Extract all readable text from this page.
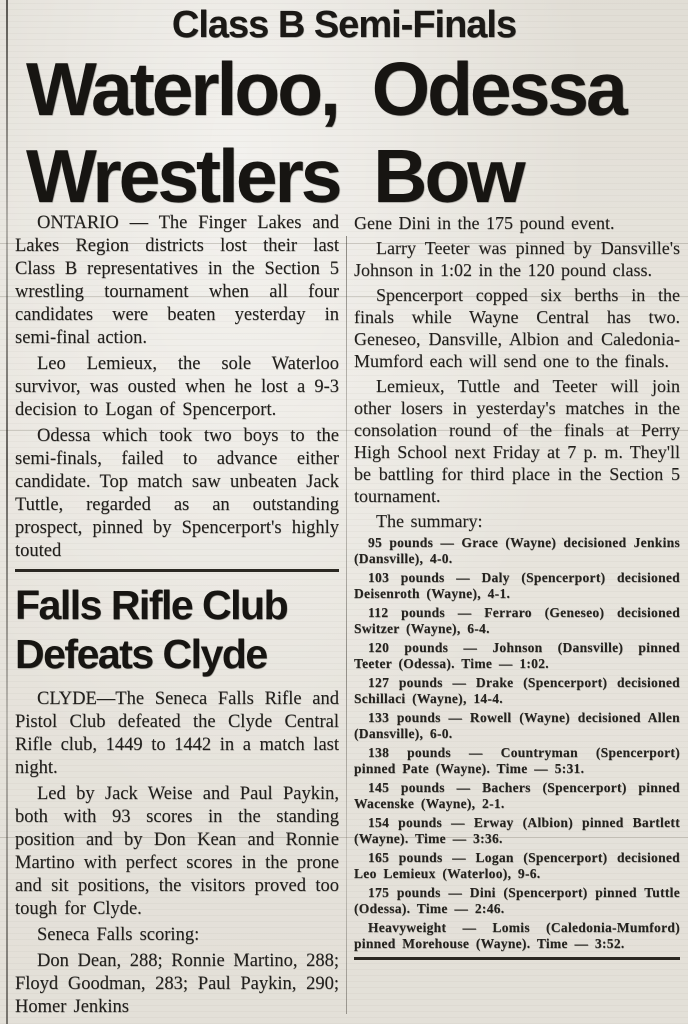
Class B Semi-Finals
Waterloo, Odessa
Wrestlers Bow

ONTARIO — The Finger Lakes and Lakes Region districts lost their last Class B representatives in the Section 5 wrestling tournament when all four candidates were beaten yesterday in semi-final action.

Leo Lemieux, the sole Waterloo survivor, was ousted when he lost a 9-3 decision to Logan of Spencerport.

Odessa which took two boys to the semi-finals, failed to advance either candidate. Top match saw unbeaten Jack Tuttle, regarded as an outstanding prospect, pinned by Spencerport's highly touted

Falls Rifle Club
Defeats Clyde

CLYDE—The Seneca Falls Rifle and Pistol Club defeated the Clyde Central Rifle club, 1449 to 1442 in a match last night.

Led by Jack Weise and Paul Paykin, both with 93 scores in the standing position and by Don Kean and Ronnie Martino with perfect scores in the prone and sit positions, the visitors proved too tough for Clyde.

Seneca Falls scoring:

Don Dean, 288; Ronnie Martino, 288; Floyd Goodman, 283; Paul Paykin, 290; Homer Jenkins

Gene Dini in the 175 pound event.

Larry Teeter was pinned by Dansville's Johnson in 1:02 in the 120 pound class.

Spencerport copped six berths in the finals while Wayne Central has two. Geneseo, Dansville, Albion and Caledonia-Mumford each will send one to the finals.

Lemieux, Tuttle and Teeter will join other losers in yesterday's matches in the consolation round of the finals at Perry High School next Friday at 7 p. m. They'll be battling for third place in the Section 5 tournament.

The summary:

95 pounds — Grace (Wayne) decisioned Jenkins (Dansville), 4-0.

103 pounds — Daly (Spencerport) decisioned Deisenroth (Wayne), 4-1.

112 pounds — Ferraro (Geneseo) decisioned Switzer (Wayne), 6-4.

120 pounds — Johnson (Dansville) pinned Teeter (Odessa). Time — 1:02.

127 pounds — Drake (Spencerport) decisioned Schillaci (Wayne), 14-4.

133 pounds — Rowell (Wayne) decisioned Allen (Dansville), 6-0.

138 pounds — Countryman (Spencerport) pinned Pate (Wayne). Time — 5:31.

145 pounds — Bachers (Spencerport) pinned Wacenske (Wayne), 2-1.

154 pounds — Erway (Albion) pinned Bartlett (Wayne). Time — 3:36.

165 pounds — Logan (Spencerport) decisioned Leo Lemieux (Waterloo), 9-6.

175 pounds — Dini (Spencerport) pinned Tuttle (Odessa). Time — 2:46.

Heavyweight — Lomis (Caledonia-Mumford) pinned Morehouse (Wayne). Time — 3:52.
